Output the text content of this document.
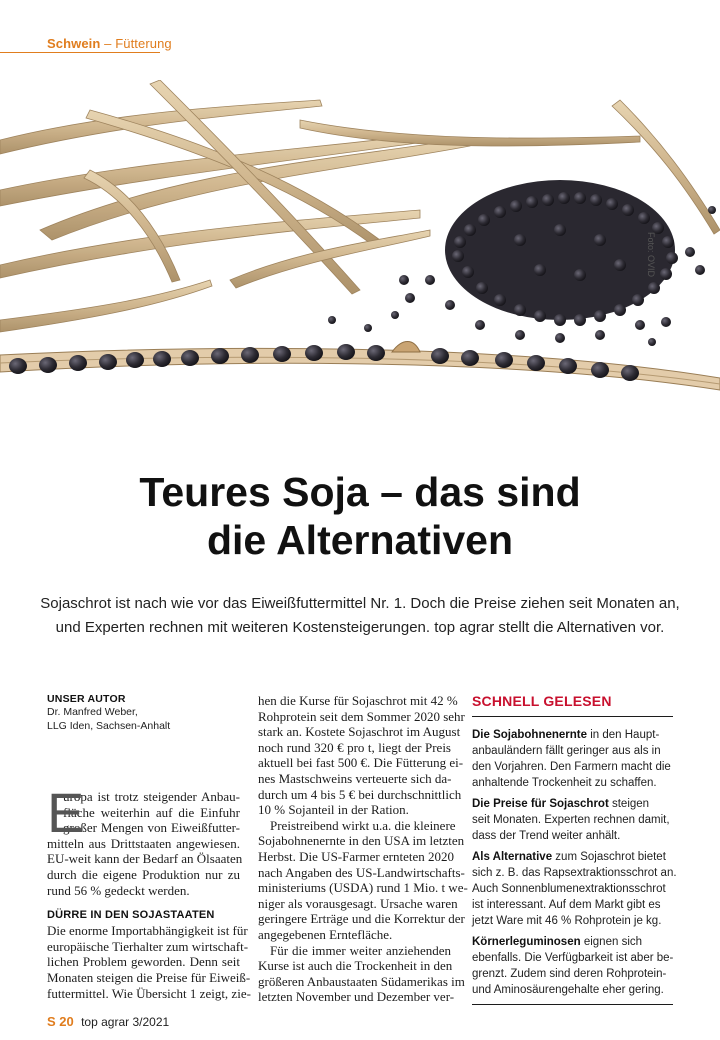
Schwein – Fütterung
Foto: OVID
Teures Soja – das sind
die Alternativen
Sojaschrot ist nach wie vor das Eiweißfuttermittel Nr. 1. Doch die Preise ziehen seit Monaten an,
und Experten rechnen mit weiteren Kostensteigerungen. top agrar stellt die Alternativen vor.
UNSER AUTOR
Dr. Manfred Weber,
LLG Iden, Sachsen-Anhalt
E
uropa ist trotz steigender Anbau-
fläche weiterhin auf die Einfuhr
großer Mengen von Eiweißfutter-
mitteln aus Drittstaaten angewiesen.
EU-weit kann der Bedarf an Ölsaaten
durch die eigene Produktion nur zu
rund 56 % gedeckt werden.
DÜRRE IN DEN SOJASTAATEN
Die enorme Importabhängigkeit ist für
europäische Tierhalter zum wirtschaft-
lichen Problem geworden. Denn seit
Monaten steigen die Preise für Eiweiß-
futtermittel. Wie Übersicht 1 zeigt, zie-
hen die Kurse für Sojaschrot mit 42 %
Rohprotein seit dem Sommer 2020 sehr
stark an. Kostete Sojaschrot im August
noch rund 320 € pro t, liegt der Preis
aktuell bei fast 500 €. Die Fütterung ei-
nes Mastschweins verteuerte sich da-
durch um 4 bis 5 € bei durchschnittlich
10 % Sojanteil in der Ration.
Preistreibend wirkt u.a. die kleinere
Sojabohnenernte in den USA im letzten
Herbst. Die US-Farmer ernteten 2020
nach Angaben des US-Landwirtschafts-
ministeriums (USDA) rund 1 Mio. t we-
niger als vorausgesagt. Ursache waren
geringere Erträge und die Korrektur der
angegebenen Erntefläche.
Für die immer weiter anziehenden
Kurse ist auch die Trockenheit in den
größeren Anbaustaaten Südamerikas im
letzten November und Dezember ver-
SCHNELL GELESEN
Die Sojabohnenernte in den Haupt-
anbauländern fällt geringer aus als in
den Vorjahren. Den Farmern macht die
anhaltende Trockenheit zu schaffen.
Die Preise für Sojaschrot steigen
seit Monaten. Experten rechnen damit,
dass der Trend weiter anhält.
Als Alternative zum Sojaschrot bietet
sich z. B. das Rapsextraktionsschrot an.
Auch Sonnenblumenextraktionsschrot
ist interessant. Auf dem Markt gibt es
jetzt Ware mit 46 % Rohprotein je kg.
Körnerleguminosen eignen sich
ebenfalls. Die Verfügbarkeit ist aber be-
grenzt. Zudem sind deren Rohprotein-
und Aminosäurengehalte eher gering.
S 20 top agrar 3/2021
